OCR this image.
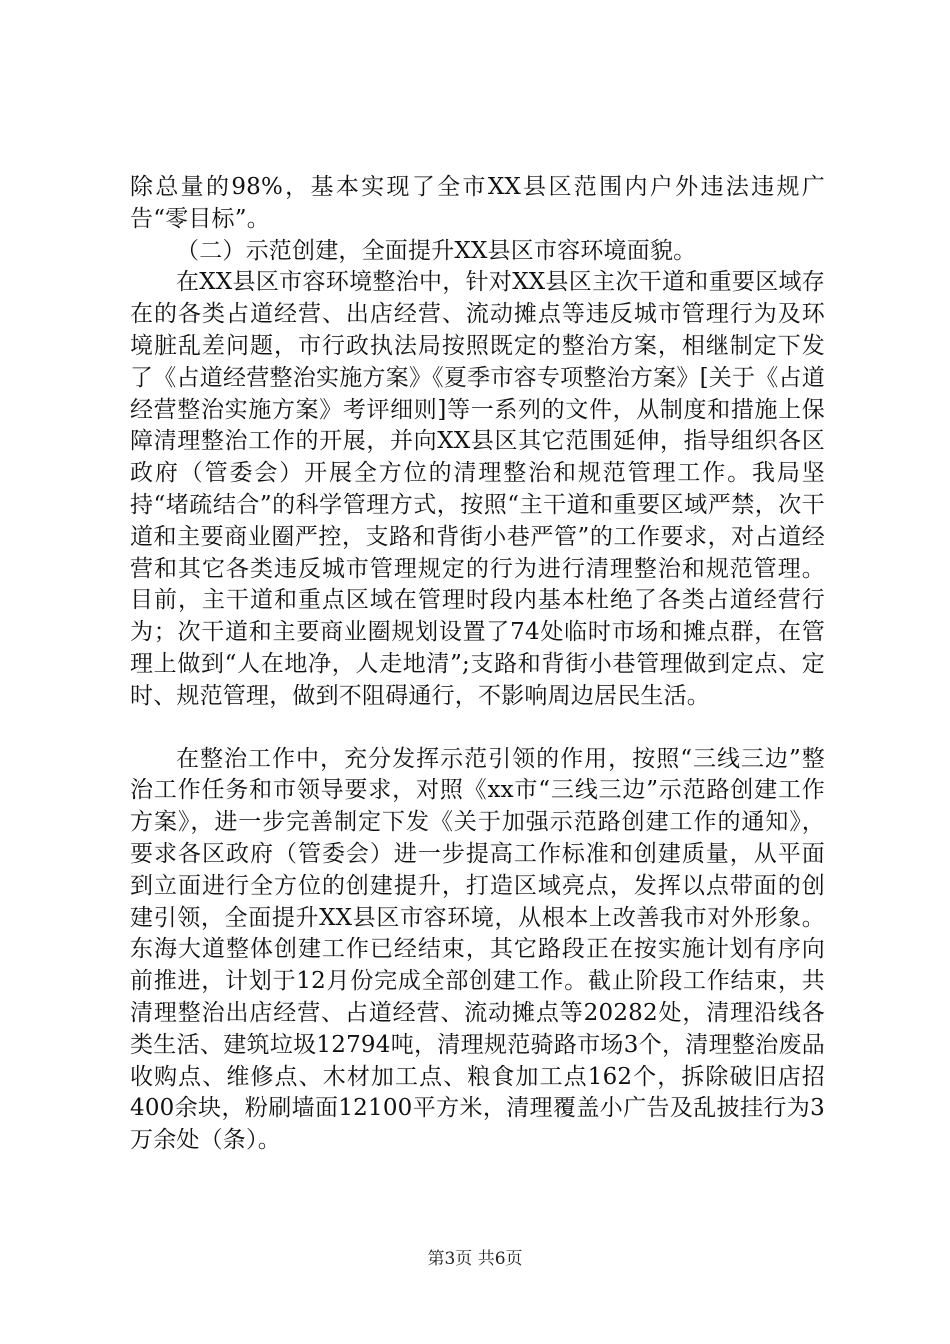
除总量的98%，基本实现了全市XX县区范围内户外违法违规广告“零目标”。

（二）示范创建，全面提升XX县区市容环境面貌。

在XX县区市容环境整治中，针对XX县区主次干道和重要区域存在的各类占道经营、出店经营、流动摊点等违反城市管理行为及环境脏乱差问题，市行政执法局按照既定的整治方案，相继制定下发了《占道经营整治实施方案》《夏季市容专项整治方案》[关于《占道经营整治实施方案》考评细则]等一系列的文件，从制度和措施上保障清理整治工作的开展，并向XX县区其它范围延伸，指导组织各区政府（管委会）开展全方位的清理整治和规范管理工作。我局坚持“堵疏结合”的科学管理方式，按照“主干道和重要区域严禁，次干道和主要商业圈严控，支路和背街小巷严管”的工作要求，对占道经营和其它各类违反城市管理规定的行为进行清理整治和规范管理。目前，主干道和重点区域在管理时段内基本杜绝了各类占道经营行为；次干道和主要商业圈规划设置了74处临时市场和摊点群，在管理上做到“人在地净，人走地清”;支路和背街小巷管理做到定点、定时、规范管理，做到不阻碍通行，不影响周边居民生活。

在整治工作中，充分发挥示范引领的作用，按照“三线三边”整治工作任务和市领导要求，对照《xx市“三线三边”示范路创建工作方案》，进一步完善制定下发《关于加强示范路创建工作的通知》，要求各区政府（管委会）进一步提高工作标准和创建质量，从平面到立面进行全方位的创建提升，打造区域亮点，发挥以点带面的创建引领，全面提升XX县区市容环境，从根本上改善我市对外形象。东海大道整体创建工作已经结束，其它路段正在按实施计划有序向前推进，计划于12月份完成全部创建工作。截止阶段工作结束，共清理整治出店经营、占道经营、流动摊点等20282处，清理沿线各类生活、建筑垃圾12794吨，清理规范骑路市场3个，清理整治废品收购点、维修点、木材加工点、粮食加工点162个，拆除破旧店招400余块，粉刷墙面12100平方米，清理覆盖小广告及乱披挂行为3万余处（条）。

第3页 共6页
